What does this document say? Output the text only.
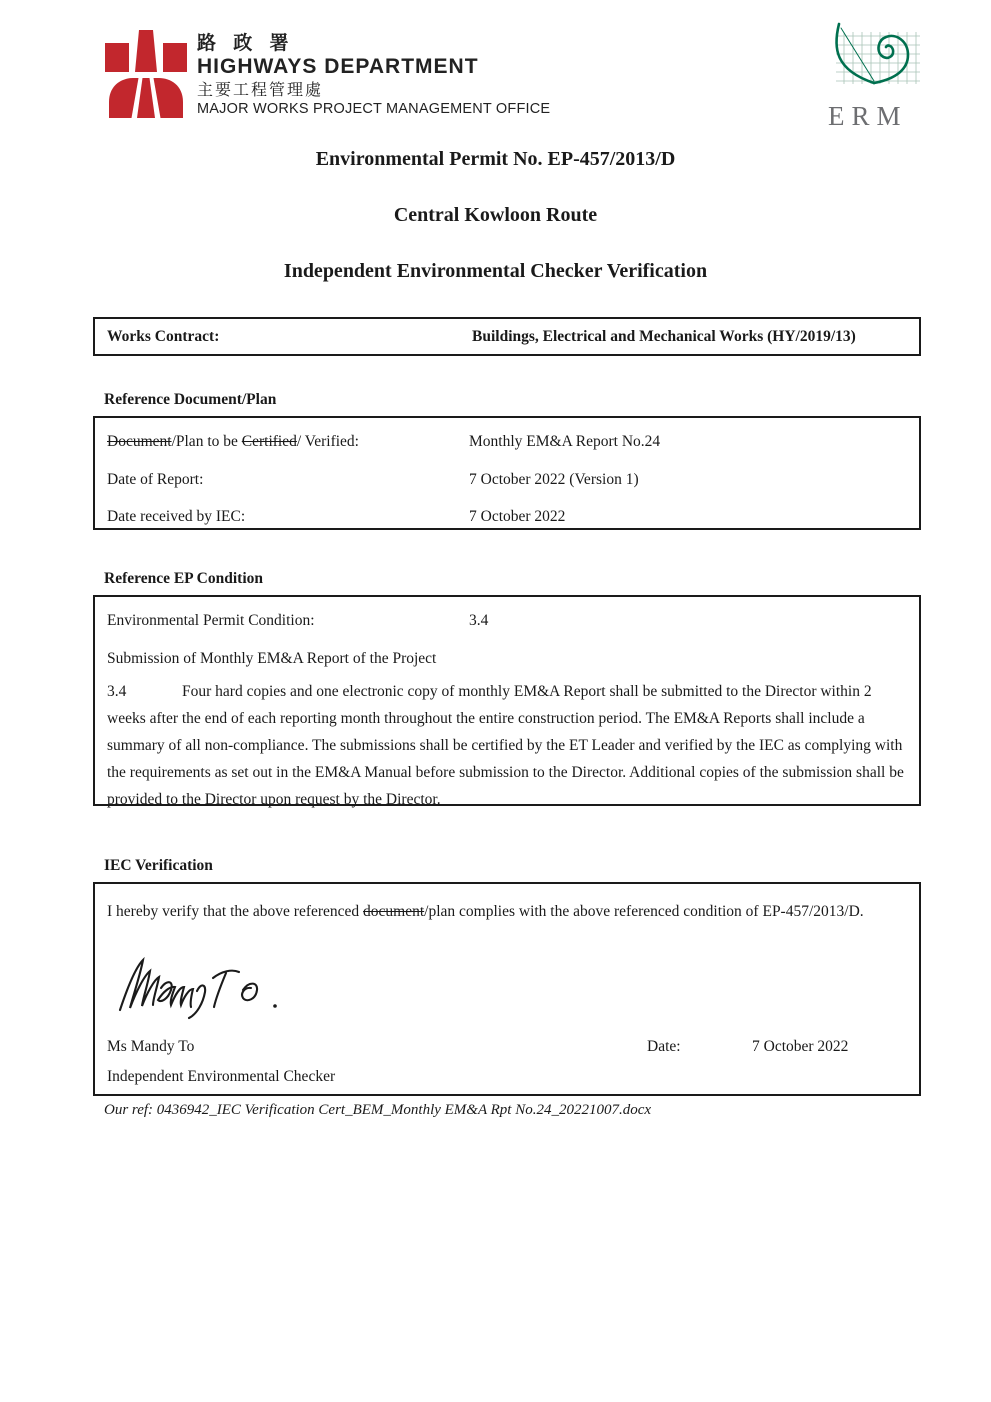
路 政 署
HIGHWAYS DEPARTMENT
主要工程管理處
MAJOR WORKS PROJECT MANAGEMENT OFFICE	ERM
Environmental Permit No. EP-457/2013/D
Central Kowloon Route
Independent Environmental Checker Verification
Works Contract:	Buildings, Electrical and Mechanical Works (HY/2019/13)
Reference Document/Plan
Document/Plan to be Certified/ Verified:	Monthly EM&A Report No.24
Date of Report:	7 October 2022 (Version 1)
Date received by IEC:	7 October 2022
Reference EP Condition
Environmental Permit Condition:	3.4
Submission of Monthly EM&A Report of the Project
3.4	Four hard copies and one electronic copy of monthly EM&A Report shall be submitted to the Director within 2 weeks after the end of each reporting month throughout the entire construction period. The EM&A Reports shall include a summary of all non-compliance. The submissions shall be certified by the ET Leader and verified by the IEC as complying with the requirements as set out in the EM&A Manual before submission to the Director. Additional copies of the submission shall be provided to the Director upon request by the Director.
IEC Verification
I hereby verify that the above referenced document/plan complies with the above referenced condition of EP-457/2013/D.
Ms Mandy To	Date:	7 October 2022
Independent Environmental Checker
Our ref: 0436942_IEC Verification Cert_BEM_Monthly EM&A Rpt No.24_20221007.docx
